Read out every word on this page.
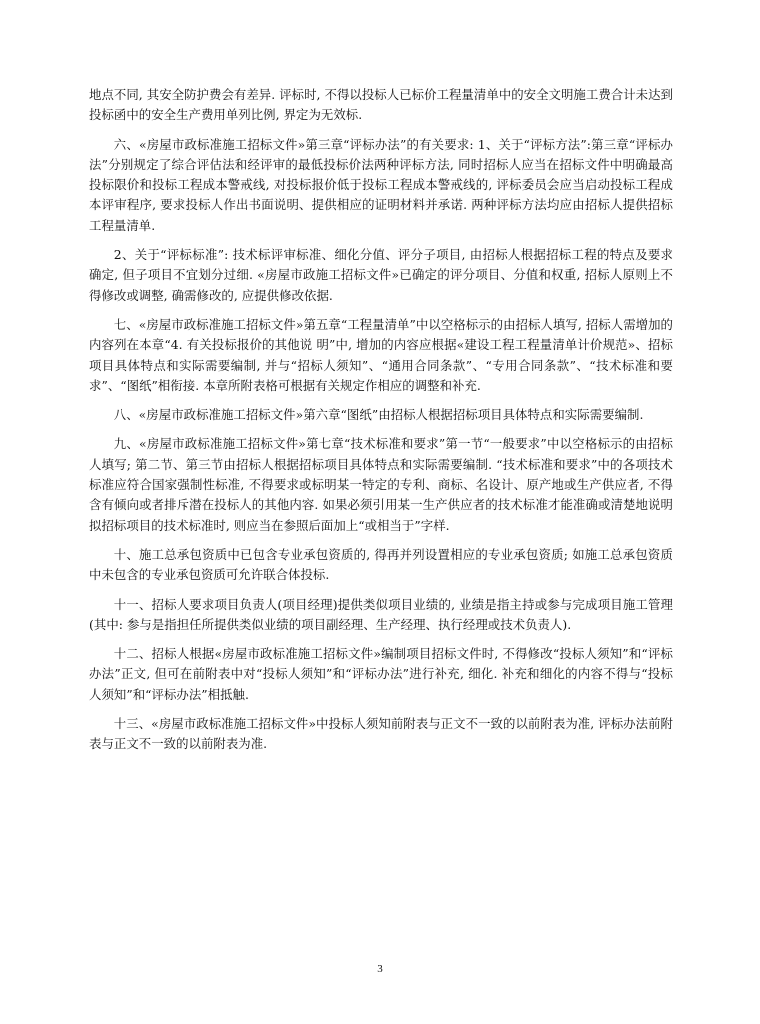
地点不同, 其安全防护费会有差异. 评标时, 不得以投标人已标价工程量清单中的安全文明施工费合计未达到投标函中的安全生产费用单列比例, 界定为无效标.

六、«房屋市政标准施工招标文件»第三章“评标办法”的有关要求: 1、关于“评标方法”:第三章“评标办法”分别规定了综合评估法和经评审的最低投标价法两种评标方法, 同时招标人应当在招标文件中明确最高投标限价和投标工程成本警戒线, 对投标报价低于投标工程成本警戒线的, 评标委员会应当启动投标工程成本评审程序, 要求投标人作出书面说明、提供相应的证明材料并承诺. 两种评标方法均应由招标人提供招标工程量清单.

2、关于“评标标准”: 技术标评审标准、细化分值、评分子项目, 由招标人根据招标工程的特点及要求确定, 但子项目不宜划分过细. «房屋市政施工招标文件»已确定的评分项目、分值和权重, 招标人原则上不得修改或调整, 确需修改的, 应提供修改依据.

七、«房屋市政标准施工招标文件»第五章“工程量清单”中以空格标示的由招标人填写, 招标人需增加的内容列在本章“4. 有关投标报价的其他说 明”中, 增加的内容应根据«建设工程工程量清单计价规范»、招标项目具体特点和实际需要编制, 并与“招标人须知”、“通用合同条款”、“专用合同条款”、“技术标准和要求”、“图纸”相衔接. 本章所附表格可根据有关规定作相应的调整和补充.

八、«房屋市政标准施工招标文件»第六章“图纸”由招标人根据招标项目具体特点和实际需要编制.

九、«房屋市政标准施工招标文件»第七章“技术标准和要求”第一节“一般要求”中以空格标示的由招标人填写; 第二节、第三节由招标人根据招标项目具体特点和实际需要编制. “技术标准和要求”中的各项技术标准应符合国家强制性标准, 不得要求或标明某一特定的专利、商标、名设计、原产地或生产供应者, 不得含有倾向或者排斥潜在投标人的其他内容. 如果必须引用某一生产供应者的技术标准才能准确或清楚地说明拟招标项目的技术标准时, 则应当在参照后面加上“或相当于”字样.

十、施工总承包资质中已包含专业承包资质的, 得再并列设置相应的专业承包资质; 如施工总承包资质中未包含的专业承包资质可允许联合体投标.

十一、招标人要求项目负责人(项目经理)提供类似项目业绩的, 业绩是指主持或参与完成项目施工管理(其中: 参与是指担任所提供类似业绩的项目副经理、生产经理、执行经理或技术负责人).

十二、招标人根据«房屋市政标准施工招标文件»编制项目招标文件时, 不得修改“投标人须知”和“评标办法”正文, 但可在前附表中对“投标人须知”和“评标办法”进行补充, 细化. 补充和细化的内容不得与“投标人须知”和“评标办法”相抵触.

十三、«房屋市政标准施工招标文件»中投标人须知前附表与正文不一致的以前附表为准, 评标办法前附表与正文不一致的以前附表为准.

3
